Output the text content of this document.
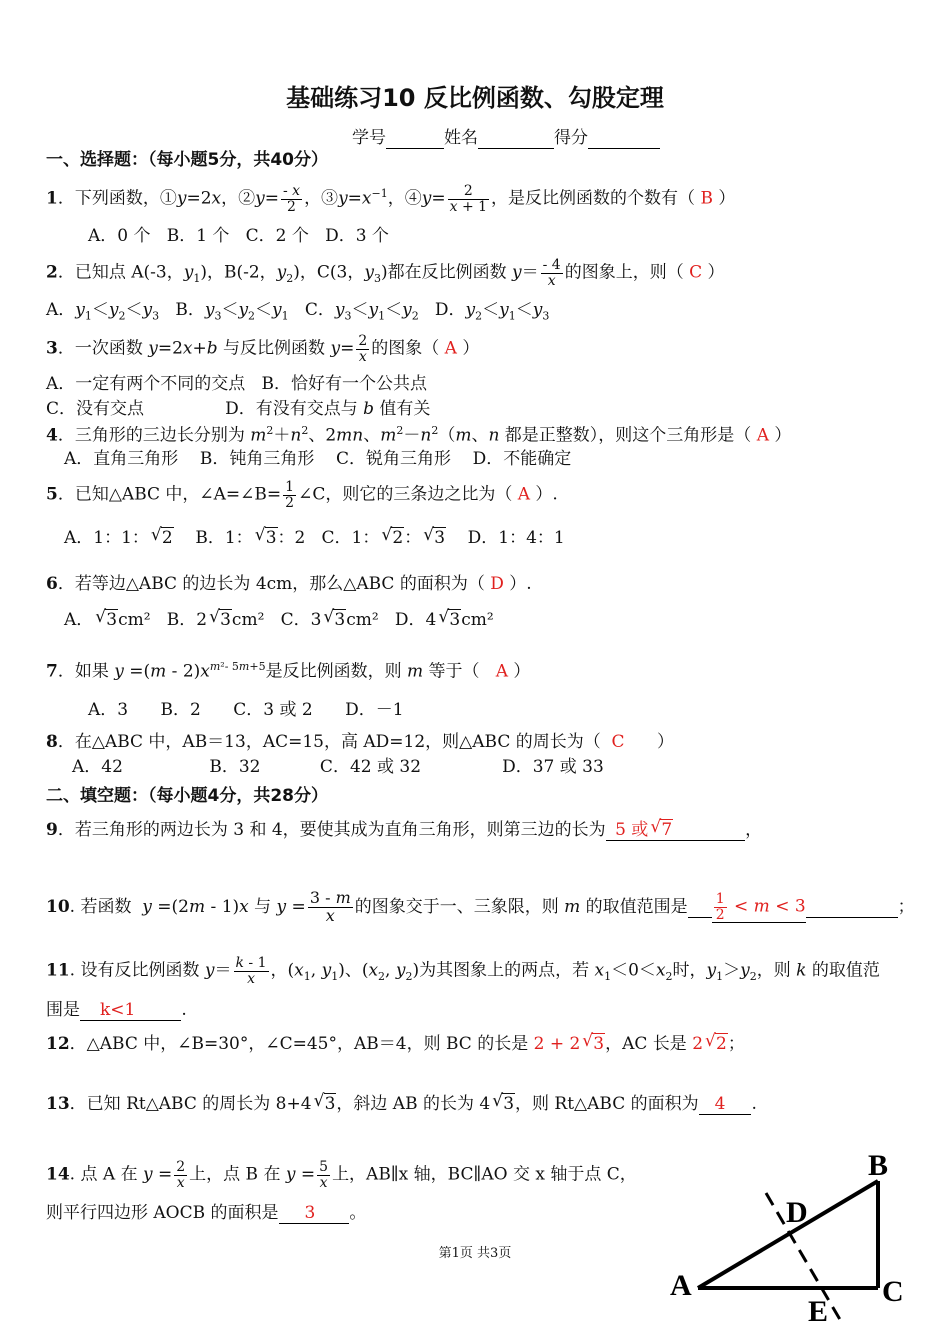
基础练习10 反比例函数、勾股定理
学号	姓名	得分
一、选择题：（每小题5分，共40分）
1．下列函数，①y=2x，②y= $\frac{- x}{2}$ ，$③y=x^{-1}$，④y= $\frac{2}{x + 1}$ ，是反比例函数的个数有（ B ）
A．0 个   B．1 个   C．2 个   D．3 个
2．已知点 A(-3，$y_1$)，B(-2，$y_2$)，C(3，$y_3$)都在反比例函数 $y= \frac{- 4}{x}$ 的图象上，则（ C ）
A．$y_1<y_2<y_3$   B．$y_3<y_2<y_1$   C．$y_3<y_1<y_2$   D．$y_2<y_1<y_3$
3．一次函数 y=2x+b 与反比例函数 $y= \frac{2}{x}$ 的图象（ A ）
A．一定有两个不同的交点   B．恰好有一个公共点
C．没有交点               D．有没有交点与 b 值有关
4．三角形的三边长分别为 $m^2+n^2$、2mn、$m^2-n^2(m$、n 都是正整数），则这个三角形是（ A ）
A．直角三角形    B．钝角三角形    C．锐角三角形    D．不能确定
5．已知△ABC 中，∠A=∠B= $\frac{1}{2}$ ∠C，则它的三条边之比为（ A ）.
A．1：1： √ 2    B．1： √ 3：2   C．1： √ 2： √ 3    D．1：4：1
6．若等边△ABC 的边长为 4cm，那么△ABC 的面积为（ D ）.
A． √ 3cm²   B．2 √ 3cm²   C．3 √ 3cm²   D．4 √ 3cm²
7．如果 $y =(m - 2)x^{m^2- 5m+5}$是反比例函数，则 m 等于（   A ）
A．3      B．2      C．3 或 2      D．－1
8．在△ABC 中，AB＝13，AC=15，高 AD=12，则△ABC 的周长为（  C      ）
A．42                B．32           C．42 或 32               D．37 或 33
二、填空题：（每小题4分，共28分）
9．若三角形的两边长为 3 和 4，要使其成为直角三角形，则第三边的长为 5 或 √ 7	，
10. 若函数  y =(2m - 1)x 与 $y = \frac{3 - m}{x}$ 的图象交于一、三象限，则 m 的取值范围是 $\frac{1}{2} < m < 3$	；
11. 设有反比例函数 $y= \frac{k - 1}{x}$ ，($x_1$, $y_1$)、($x_2$, $y_2$)为其图象上的两点，若 $x_1<0<x_2$时，$y_1>y_2$，则 k 的取值范
围是 k<1	.
12．△ABC 中，∠B=30°，∠C=45°，AB＝4，则 BC 的长是 2 + 2 √ 3，AC 长是 2 √ 2；
13．已知 Rt△ABC 的周长为 8+4 √ 3，斜边 AB 的长为 4 √ 3，则 Rt△ABC 的面积为 4 .
14. 点 A 在 $y = \frac{2}{x}$ 上，点 B 在 $y = \frac{5}{x}$ 上，AB∥x 轴，BC∥AO 交 x 轴于点 C，
则平行四边形 AOCB 的面积是 3 。
A
B
C
D
E
第1页 共3页
